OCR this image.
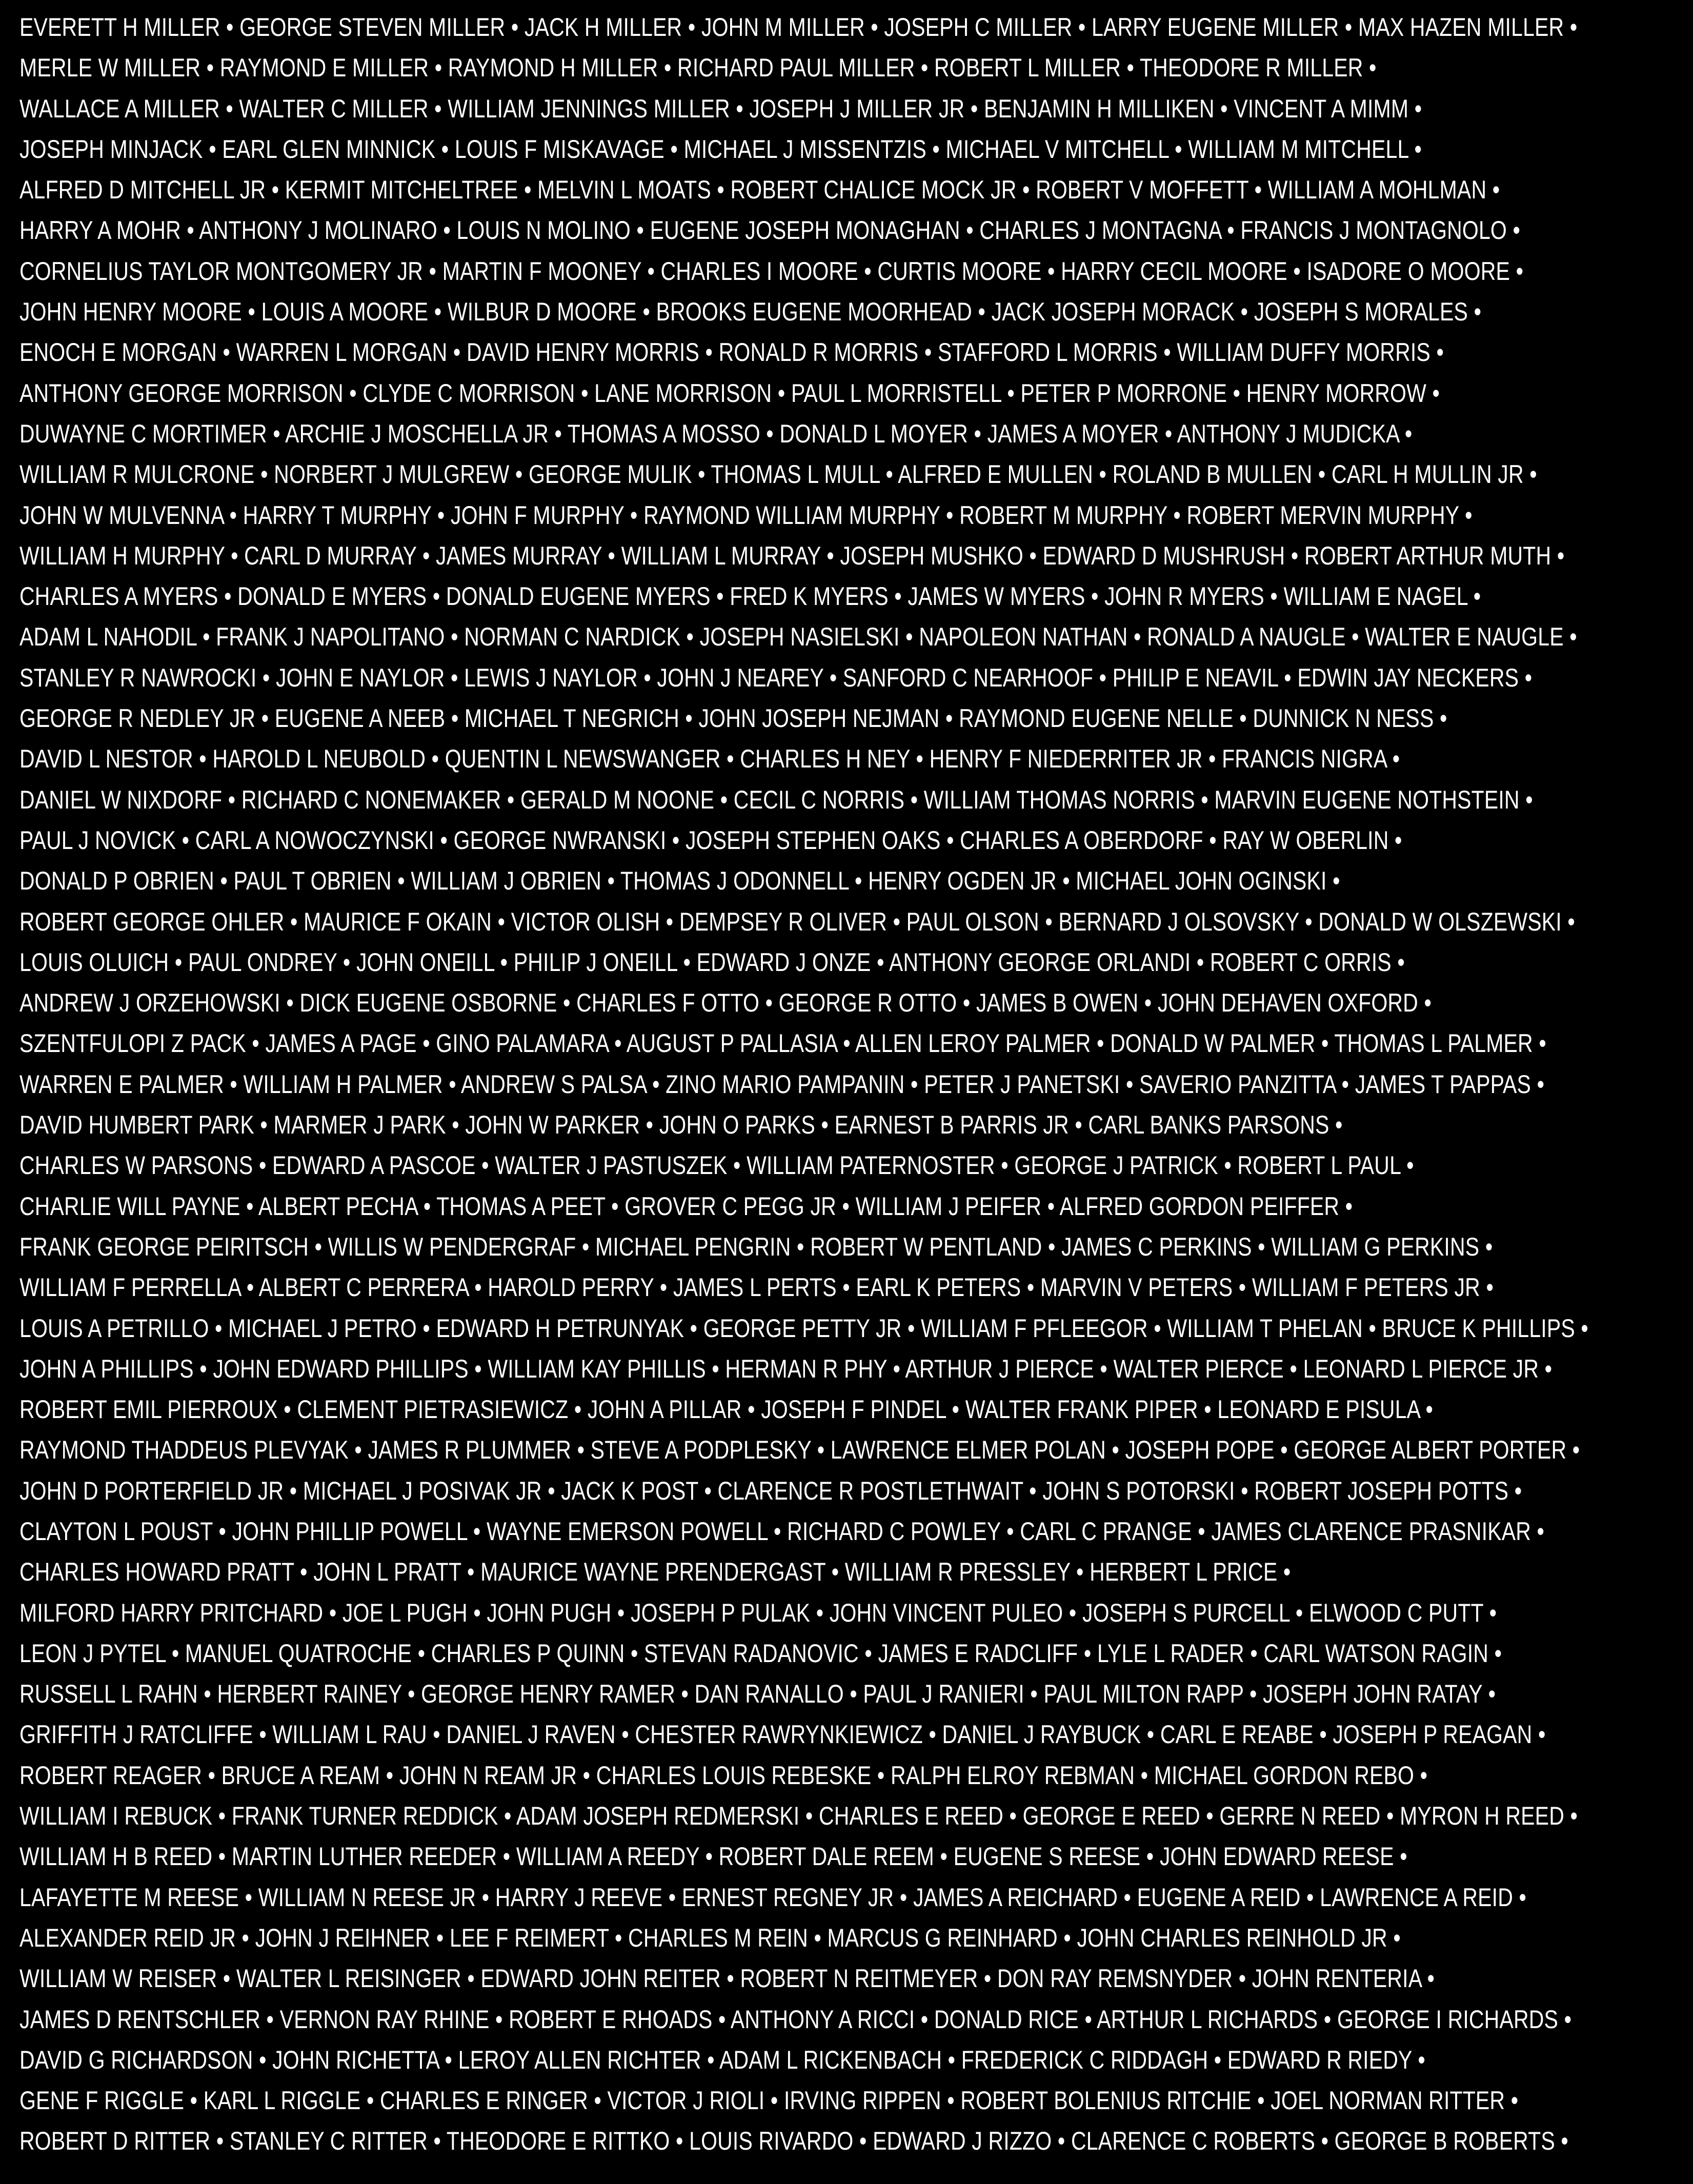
EVERETT H MILLER • GEORGE STEVEN MILLER • JACK H MILLER • JOHN M MILLER • JOSEPH C MILLER • LARRY EUGENE MILLER • MAX HAZEN MILLER •
MERLE W MILLER • RAYMOND E MILLER • RAYMOND H MILLER • RICHARD PAUL MILLER • ROBERT L MILLER • THEODORE R MILLER •
WALLACE A MILLER • WALTER C MILLER • WILLIAM JENNINGS MILLER • JOSEPH J MILLER JR • BENJAMIN H MILLIKEN • VINCENT A MIMM •
JOSEPH MINJACK • EARL GLEN MINNICK • LOUIS F MISKAVAGE • MICHAEL J MISSENTZIS • MICHAEL V MITCHELL • WILLIAM M MITCHELL •
ALFRED D MITCHELL JR • KERMIT MITCHELTREE • MELVIN L MOATS • ROBERT CHALICE MOCK JR • ROBERT V MOFFETT • WILLIAM A MOHLMAN •
HARRY A MOHR • ANTHONY J MOLINARO • LOUIS N MOLINO • EUGENE JOSEPH MONAGHAN • CHARLES J MONTAGNA • FRANCIS J MONTAGNOLO •
CORNELIUS TAYLOR MONTGOMERY JR • MARTIN F MOONEY • CHARLES I MOORE • CURTIS MOORE • HARRY CECIL MOORE • ISADORE O MOORE •
JOHN HENRY MOORE • LOUIS A MOORE • WILBUR D MOORE • BROOKS EUGENE MOORHEAD • JACK JOSEPH MORACK • JOSEPH S MORALES •
ENOCH E MORGAN • WARREN L MORGAN • DAVID HENRY MORRIS • RONALD R MORRIS • STAFFORD L MORRIS • WILLIAM DUFFY MORRIS •
ANTHONY GEORGE MORRISON • CLYDE C MORRISON • LANE MORRISON • PAUL L MORRISTELL • PETER P MORRONE • HENRY MORROW •
DUWAYNE C MORTIMER • ARCHIE J MOSCHELLA JR • THOMAS A MOSSO • DONALD L MOYER • JAMES A MOYER • ANTHONY J MUDICKA •
WILLIAM R MULCRONE • NORBERT J MULGREW • GEORGE MULIK • THOMAS L MULL • ALFRED E MULLEN • ROLAND B MULLEN • CARL H MULLIN JR •
JOHN W MULVENNA • HARRY T MURPHY • JOHN F MURPHY • RAYMOND WILLIAM MURPHY • ROBERT M MURPHY • ROBERT MERVIN MURPHY •
WILLIAM H MURPHY • CARL D MURRAY • JAMES MURRAY • WILLIAM L MURRAY • JOSEPH MUSHKO • EDWARD D MUSHRUSH • ROBERT ARTHUR MUTH •
CHARLES A MYERS • DONALD E MYERS • DONALD EUGENE MYERS • FRED K MYERS • JAMES W MYERS • JOHN R MYERS • WILLIAM E NAGEL •
ADAM L NAHODIL • FRANK J NAPOLITANO • NORMAN C NARDICK • JOSEPH NASIELSKI • NAPOLEON NATHAN • RONALD A NAUGLE • WALTER E NAUGLE •
STANLEY R NAWROCKI • JOHN E NAYLOR • LEWIS J NAYLOR • JOHN J NEAREY • SANFORD C NEARHOOF • PHILIP E NEAVIL • EDWIN JAY NECKERS •
GEORGE R NEDLEY JR • EUGENE A NEEB • MICHAEL T NEGRICH • JOHN JOSEPH NEJMAN • RAYMOND EUGENE NELLE • DUNNICK N NESS •
DAVID L NESTOR • HAROLD L NEUBOLD • QUENTIN L NEWSWANGER • CHARLES H NEY • HENRY F NIEDERRITER JR • FRANCIS NIGRA •
DANIEL W NIXDORF • RICHARD C NONEMAKER • GERALD M NOONE • CECIL C NORRIS • WILLIAM THOMAS NORRIS • MARVIN EUGENE NOTHSTEIN •
PAUL J NOVICK • CARL A NOWOCZYNSKI • GEORGE NWRANSKI • JOSEPH STEPHEN OAKS • CHARLES A OBERDORF • RAY W OBERLIN •
DONALD P OBRIEN • PAUL T OBRIEN • WILLIAM J OBRIEN • THOMAS J ODONNELL • HENRY OGDEN JR • MICHAEL JOHN OGINSKI •
ROBERT GEORGE OHLER • MAURICE F OKAIN • VICTOR OLISH • DEMPSEY R OLIVER • PAUL OLSON • BERNARD J OLSOVSKY • DONALD W OLSZEWSKI •
LOUIS OLUICH • PAUL ONDREY • JOHN ONEILL • PHILIP J ONEILL • EDWARD J ONZE • ANTHONY GEORGE ORLANDI • ROBERT C ORRIS •
ANDREW J ORZEHOWSKI • DICK EUGENE OSBORNE • CHARLES F OTTO • GEORGE R OTTO • JAMES B OWEN • JOHN DEHAVEN OXFORD •
SZENTFULOPI Z PACK • JAMES A PAGE • GINO PALAMARA • AUGUST P PALLASIA • ALLEN LEROY PALMER • DONALD W PALMER • THOMAS L PALMER •
WARREN E PALMER • WILLIAM H PALMER • ANDREW S PALSA • ZINO MARIO PAMPANIN • PETER J PANETSKI • SAVERIO PANZITTA • JAMES T PAPPAS •
DAVID HUMBERT PARK • MARMER J PARK • JOHN W PARKER • JOHN O PARKS • EARNEST B PARRIS JR • CARL BANKS PARSONS •
CHARLES W PARSONS • EDWARD A PASCOE • WALTER J PASTUSZEK • WILLIAM PATERNOSTER • GEORGE J PATRICK • ROBERT L PAUL •
CHARLIE WILL PAYNE • ALBERT PECHA • THOMAS A PEET • GROVER C PEGG JR • WILLIAM J PEIFER • ALFRED GORDON PEIFFER •
FRANK GEORGE PEIRITSCH • WILLIS W PENDERGRAF • MICHAEL PENGRIN • ROBERT W PENTLAND • JAMES C PERKINS • WILLIAM G PERKINS •
WILLIAM F PERRELLA • ALBERT C PERRERA • HAROLD PERRY • JAMES L PERTS • EARL K PETERS • MARVIN V PETERS • WILLIAM F PETERS JR •
LOUIS A PETRILLO • MICHAEL J PETRO • EDWARD H PETRUNYAK • GEORGE PETTY JR • WILLIAM F PFLEEGOR • WILLIAM T PHELAN • BRUCE K PHILLIPS •
JOHN A PHILLIPS • JOHN EDWARD PHILLIPS • WILLIAM KAY PHILLIS • HERMAN R PHY • ARTHUR J PIERCE • WALTER PIERCE • LEONARD L PIERCE JR •
ROBERT EMIL PIERROUX • CLEMENT PIETRASIEWICZ • JOHN A PILLAR • JOSEPH F PINDEL • WALTER FRANK PIPER • LEONARD E PISULA •
RAYMOND THADDEUS PLEVYAK • JAMES R PLUMMER • STEVE A PODPLESKY • LAWRENCE ELMER POLAN • JOSEPH POPE • GEORGE ALBERT PORTER •
JOHN D PORTERFIELD JR • MICHAEL J POSIVAK JR • JACK K POST • CLARENCE R POSTLETHWAIT • JOHN S POTORSKI • ROBERT JOSEPH POTTS •
CLAYTON L POUST • JOHN PHILLIP POWELL • WAYNE EMERSON POWELL • RICHARD C POWLEY • CARL C PRANGE • JAMES CLARENCE PRASNIKAR •
CHARLES HOWARD PRATT • JOHN L PRATT • MAURICE WAYNE PRENDERGAST • WILLIAM R PRESSLEY • HERBERT L PRICE •
MILFORD HARRY PRITCHARD • JOE L PUGH • JOHN PUGH • JOSEPH P PULAK • JOHN VINCENT PULEO • JOSEPH S PURCELL • ELWOOD C PUTT •
LEON J PYTEL • MANUEL QUATROCHE • CHARLES P QUINN • STEVAN RADANOVIC • JAMES E RADCLIFF • LYLE L RADER • CARL WATSON RAGIN •
RUSSELL L RAHN • HERBERT RAINEY • GEORGE HENRY RAMER • DAN RANALLO • PAUL J RANIERI • PAUL MILTON RAPP • JOSEPH JOHN RATAY •
GRIFFITH J RATCLIFFE • WILLIAM L RAU • DANIEL J RAVEN • CHESTER RAWRYNKIEWICZ • DANIEL J RAYBUCK • CARL E REABE • JOSEPH P REAGAN •
ROBERT REAGER • BRUCE A REAM • JOHN N REAM JR • CHARLES LOUIS REBESKE • RALPH ELROY REBMAN • MICHAEL GORDON REBO •
WILLIAM I REBUCK • FRANK TURNER REDDICK • ADAM JOSEPH REDMERSKI • CHARLES E REED • GEORGE E REED • GERRE N REED • MYRON H REED •
WILLIAM H B REED • MARTIN LUTHER REEDER • WILLIAM A REEDY • ROBERT DALE REEM • EUGENE S REESE • JOHN EDWARD REESE •
LAFAYETTE M REESE • WILLIAM N REESE JR • HARRY J REEVE • ERNEST REGNEY JR • JAMES A REICHARD • EUGENE A REID • LAWRENCE A REID •
ALEXANDER REID JR • JOHN J REIHNER • LEE F REIMERT • CHARLES M REIN • MARCUS G REINHARD • JOHN CHARLES REINHOLD JR •
WILLIAM W REISER • WALTER L REISINGER • EDWARD JOHN REITER • ROBERT N REITMEYER • DON RAY REMSNYDER • JOHN RENTERIA •
JAMES D RENTSCHLER • VERNON RAY RHINE • ROBERT E RHOADS • ANTHONY A RICCI • DONALD RICE • ARTHUR L RICHARDS • GEORGE I RICHARDS •
DAVID G RICHARDSON • JOHN RICHETTA • LEROY ALLEN RICHTER • ADAM L RICKENBACH • FREDERICK C RIDDAGH • EDWARD R RIEDY •
GENE F RIGGLE • KARL L RIGGLE • CHARLES E RINGER • VICTOR J RIOLI • IRVING RIPPEN • ROBERT BOLENIUS RITCHIE • JOEL NORMAN RITTER •
ROBERT D RITTER • STANLEY C RITTER • THEODORE E RITTKO • LOUIS RIVARDO • EDWARD J RIZZO • CLARENCE C ROBERTS • GEORGE B ROBERTS •
